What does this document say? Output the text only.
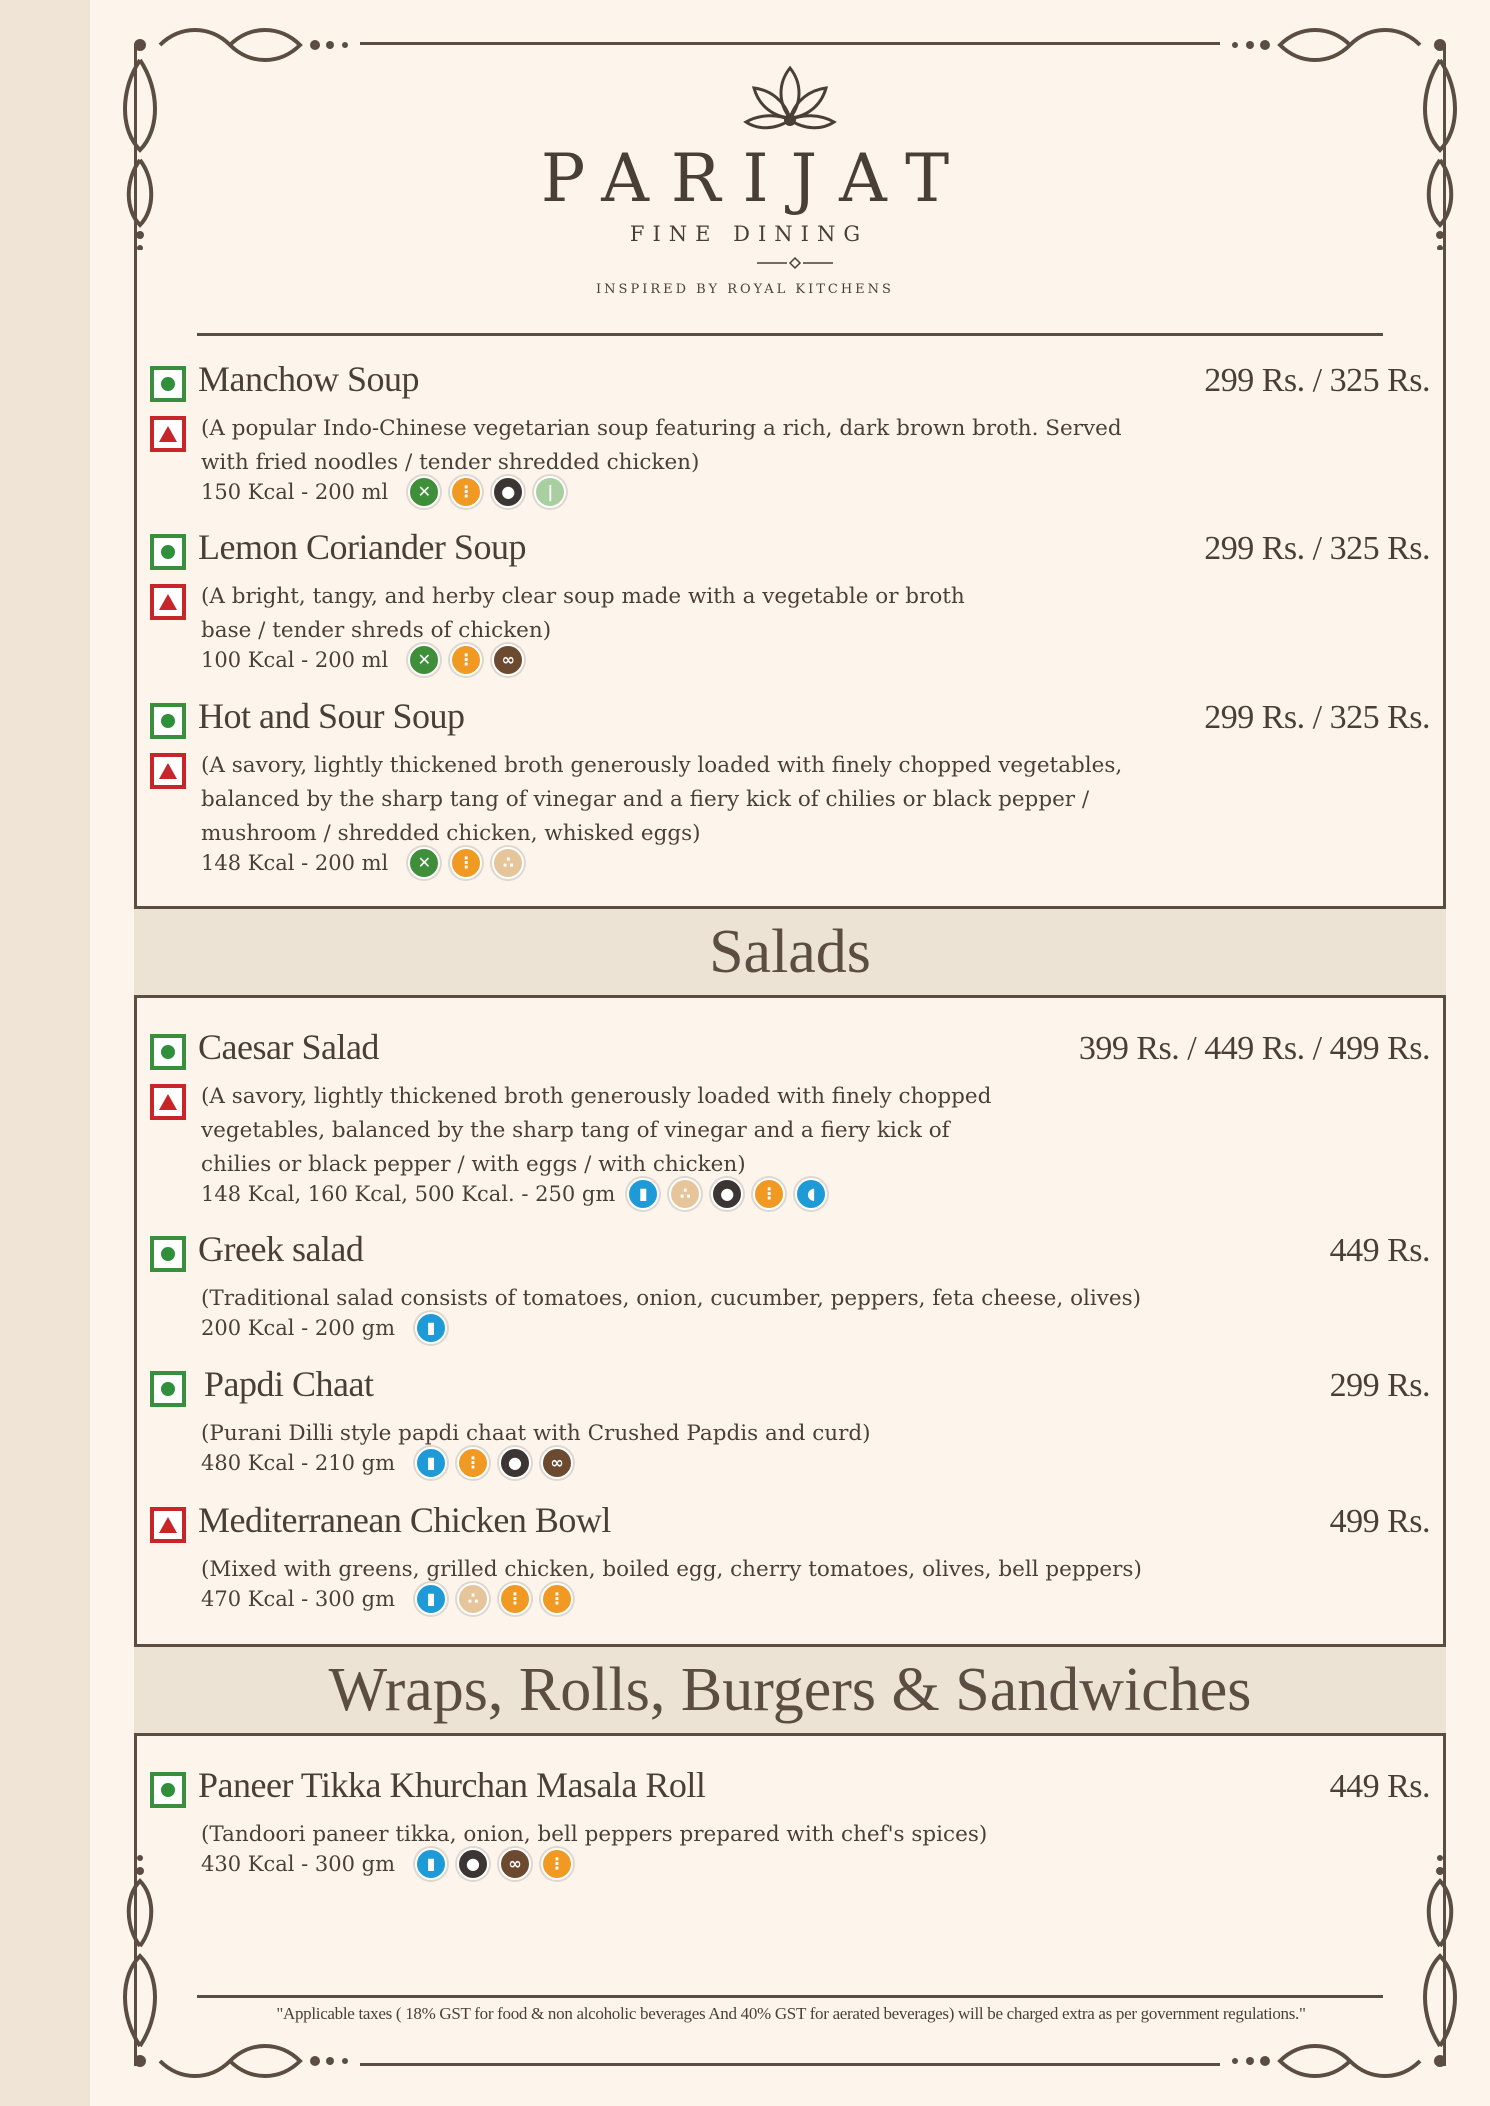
PARIJAT
FINE DINING
INSPIRED BY ROYAL KITCHENS
Manchow Soup	299 Rs. / 325 Rs.
(A popular Indo-Chinese vegetarian soup featuring a rich, dark brown broth. Served with fried noodles / tender shredded chicken)
150 Kcal - 200 ml	✕	⋮	●	|
Lemon Coriander Soup	299 Rs. / 325 Rs.
(A bright, tangy, and herby clear soup made with a vegetable or broth base / tender shreds of chicken)
100 Kcal - 200 ml	✕	⋮	∞
Hot and Sour Soup	299 Rs. / 325 Rs.
(A savory, lightly thickened broth generously loaded with finely chopped vegetables, balanced by the sharp tang of vinegar and a fiery kick of chilies or black pepper / mushroom / shredded chicken, whisked eggs)
148 Kcal - 200 ml	✕	⋮	∴
Salads
Caesar Salad	399 Rs. / 449 Rs. / 499 Rs.
(A savory, lightly thickened broth generously loaded with finely chopped vegetables, balanced by the sharp tang of vinegar and a fiery kick of chilies or black pepper / with eggs / with chicken)
148 Kcal, 160 Kcal, 500 Kcal. - 250 gm	▮	∴	●	⋮	◖
Greek salad	449 Rs.
(Traditional salad consists of tomatoes, onion, cucumber, peppers, feta cheese, olives)
200 Kcal - 200 gm	▮
Papdi Chaat	299 Rs.
(Purani Dilli style papdi chaat with Crushed Papdis and curd)
480 Kcal - 210 gm	▮	⋮	●	∞
Mediterranean Chicken Bowl	499 Rs.
(Mixed with greens, grilled chicken, boiled egg, cherry tomatoes, olives, bell peppers)
470 Kcal - 300 gm	▮	∴	⋮	⋮
Wraps, Rolls, Burgers & Sandwiches
Paneer Tikka Khurchan Masala Roll	449 Rs.
(Tandoori paneer tikka, onion, bell peppers prepared with chef's spices)
430 Kcal - 300 gm	▮	●	∞	⋮
"Applicable taxes ( 18% GST for food & non alcoholic beverages And 40% GST for aerated beverages) will be charged extra as per government regulations."
